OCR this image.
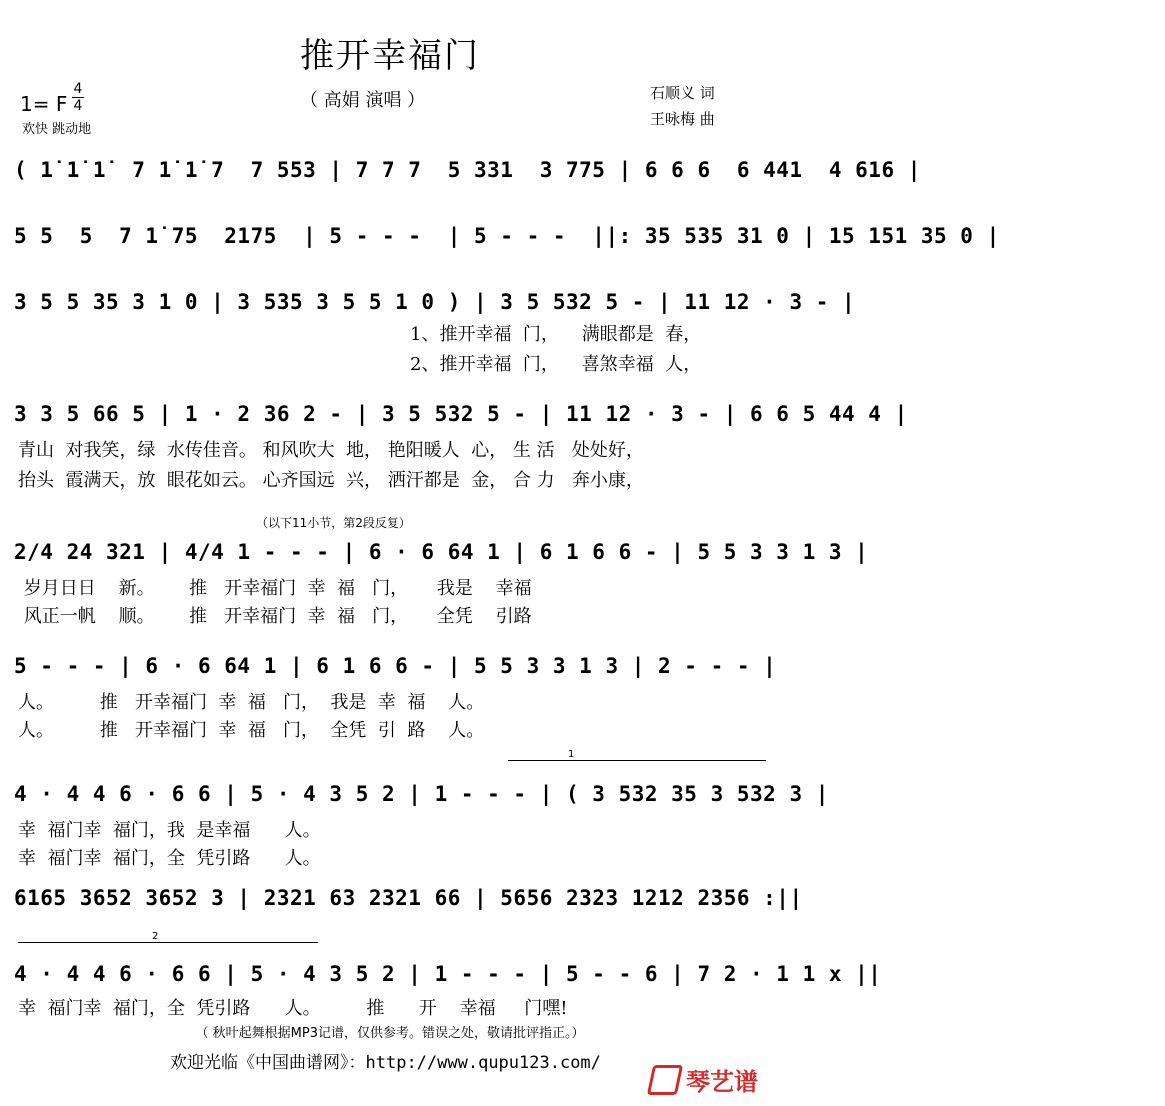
推开幸福门
（ 高娟 演唱 ）
1= F
4
4
欢快 跳动地
石顺义 词
王咏梅 曲
( 1̇ 1̇ 1̇  7 1̇ 1̇ 7  7 553 | 7 7 7  5 331  3 775 | 6 6 6  6 441  4 616 |
5 5  5  7 1̇ 75  2175  | 5 - - -  | 5 - - -  ||: 35 535 31 0 | 15 151 35 0 |
3 5 5 35 3 1 0 | 3 535 3 5 5 1 0 ) | 3 5 532 5 - | 11 12 · 3 - |
1、推开幸福  门，    满眼都是  春，
2、推开幸福  门，    喜煞幸福  人，
3 3 5 66 5 | 1 · 2 36 2 - | 3 5 532 5 - | 11 12 · 3 - | 6 6 5 44 4 |
青山  对我笑，绿  水传佳音。 和风吹大  地， 艳阳暖人  心， 生 活   处处好，
抬头  霞满天，放  眼花如云。 心齐国远  兴， 洒汗都是  金， 合 力   奔小康，
（以下11小节，第2段反复）
2/4 24 321 | 4/4 1 - - - | 6 · 6 64 1 | 6 1 6 6 - | 5 5 3 3 1 3 |
岁月日日    新。      推   开幸福门  幸  福   门，     我是    幸福
风正一帆    顺。      推   开幸福门  幸  福   门，     全凭    引路
5 - - - | 6 · 6 64 1 | 6 1 6 6 - | 5 5 3 3 1 3 | 2 - - - |
人。        推   开幸福门  幸  福   门，  我是  幸  福    人。
人。        推   开幸福门  幸  福   门，  全凭  引  路    人。
1
4 · 4 4 6 · 6 6 | 5 · 4 3 5 2 | 1 - - - | ( 3 532 35 3 532 3 |
幸  福门幸  福门，我  是幸福      人。
幸  福门幸  福门，全  凭引路      人。
6165 3652 3652 3 | 2321 63 2321 66 | 5656 2323 1212 2356 :||
2
4 · 4 4 6 · 6 6 | 5 · 4 3 5 2 | 1 - - - | 5 - - 6 | 7 2 · 1 1 x ||
幸  福门幸  福门，全  凭引路      人。        推      开    幸福     门嘿!
（ 秋叶起舞根据MP3记谱，仅供参考。错误之处，敬请批评指正。）
欢迎光临《中国曲谱网》：http://www.qupu123.com/
琴艺谱
